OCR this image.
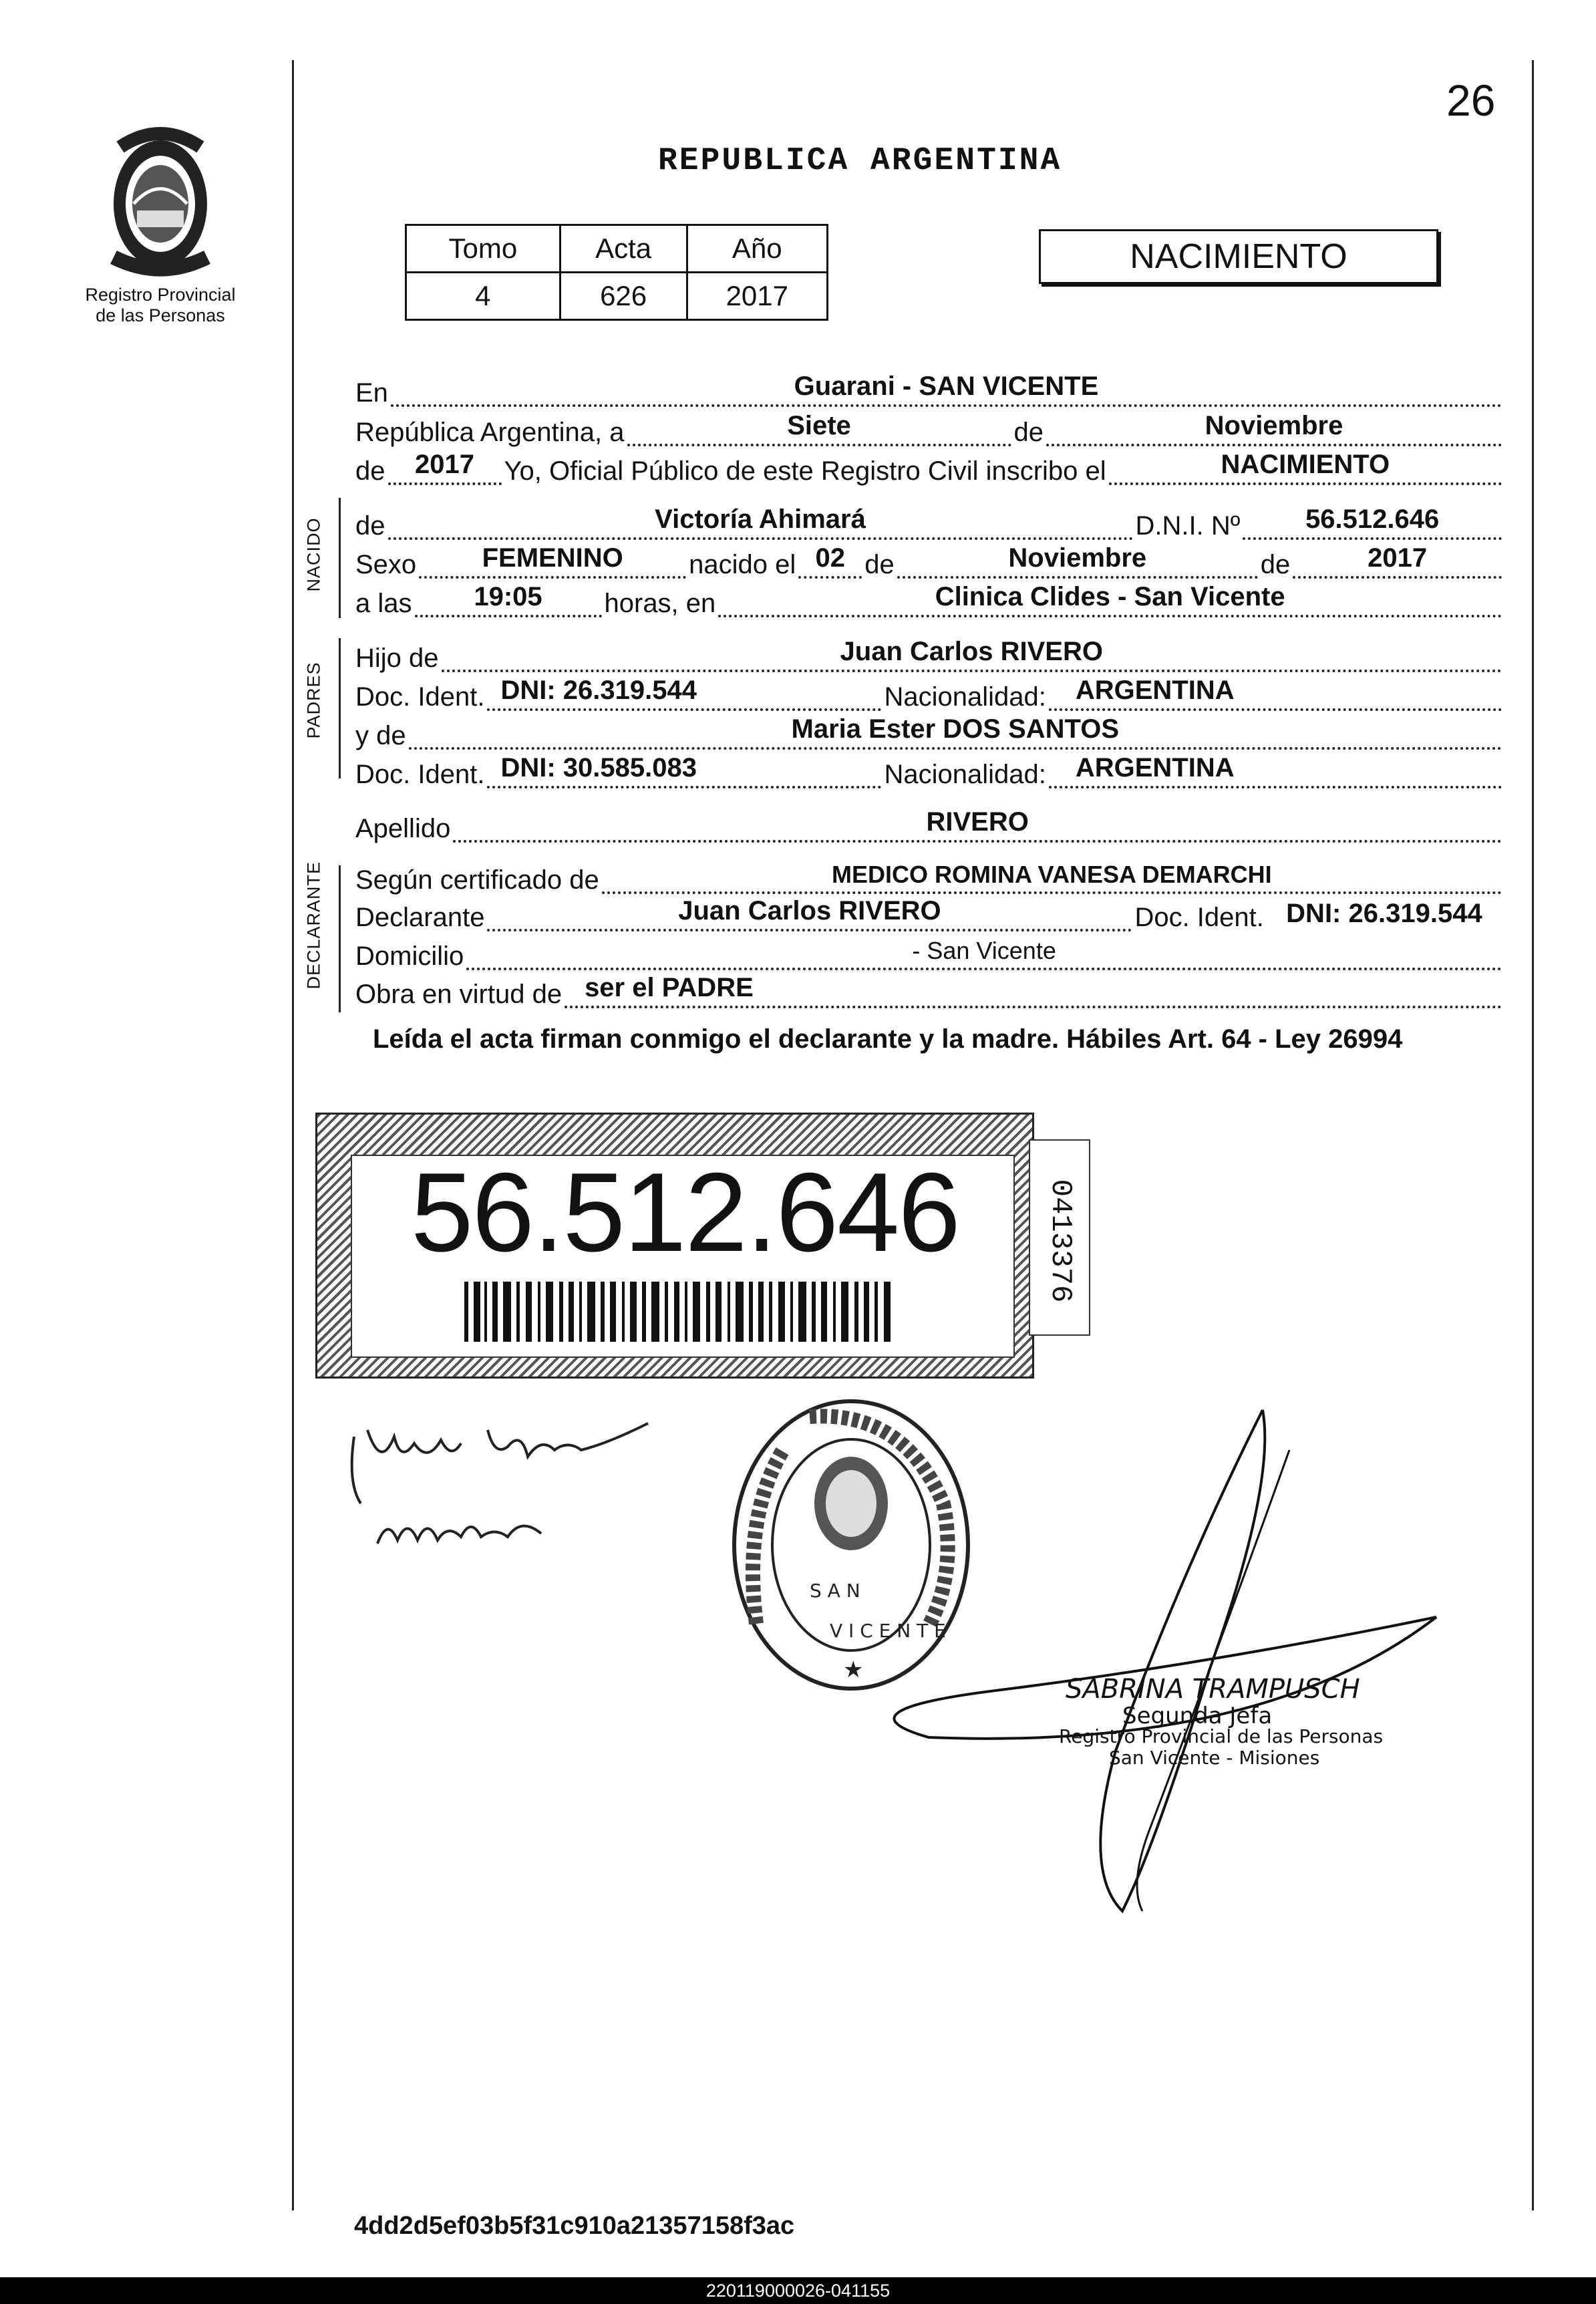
26
Registro Provincial
de las Personas
REPUBLICA ARGENTINA
Tomo	Acta	Año
4	626	2017
NACIMIENTO
En	Guarani - SAN VICENTE
República Argentina, a	Siete	de	Noviembre
de	2017	Yo, Oficial Público de este Registro Civil inscribo el	NACIMIENTO
NACIDO de	Victoría Ahimará	D.N.I. Nº	56.512.646
Sexo	FEMENINO	nacido el 02 de	Noviembre	de	2017
a las	19:05	horas, en	Clinica Clides - San Vicente
PADRES
Hijo de	Juan Carlos RIVERO
Doc. Ident. DNI: 26.319.544	Nacionalidad:	ARGENTINA
y de	Maria Ester DOS SANTOS
Doc. Ident. DNI: 30.585.083	Nacionalidad:	ARGENTINA
Apellido	RIVERO
DECLARANTE Según certificado de	MEDICO ROMINA VANESA DEMARCHI
Declarante	Juan Carlos RIVERO	Doc. Ident. DNI: 26.319.544
Domicilio	- San Vicente
Obra en virtud de ser el PADRE
Leída el acta firman conmigo el declarante y la madre. Hábiles Art. 64 - Ley 26994
56.512.646	0413376
S A N
V I C E N T E
★
SABRINA TRAMPUSCH
Segunda Jefa
Registro Provincial de las Personas
San Vicente - Misiones
4dd2d5ef03b5f31c910a21357158f3ac
220119000026-041155
